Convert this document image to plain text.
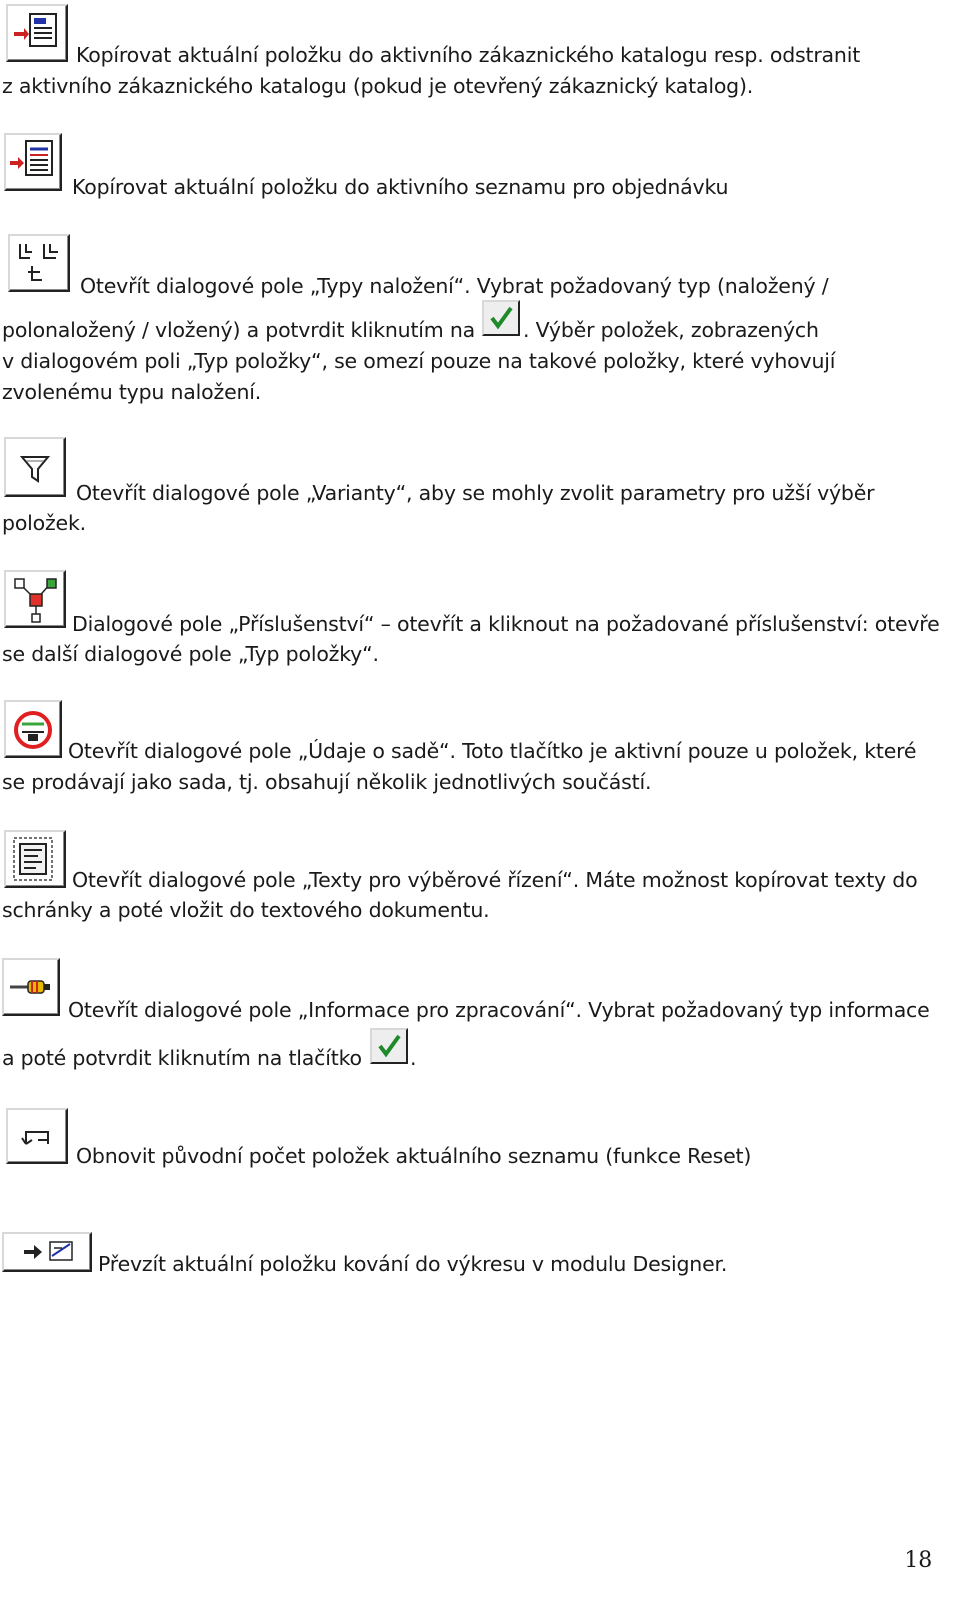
Kopírovat aktuální položku do aktivního zákaznického katalogu resp. odstranit
z aktivního zákaznického katalogu (pokud je otevřený zákaznický katalog).
Kopírovat aktuální položku do aktivního seznamu pro objednávku
Otevřít dialogové pole „Typy naložení“. Vybrat požadovaný typ (naložený /
polonaložený / vložený) a potvrdit kliknutím na . Výběr položek, zobrazených
v dialogovém poli „Typ položky“, se omezí pouze na takové položky, které vyhovují
zvolenému typu naložení.
Otevřít dialogové pole „Varianty“, aby se mohly zvolit parametry pro užší výběr
položek.
Dialogové pole „Příslušenství“ – otevřít a kliknout na požadované příslušenství: otevře
se další dialogové pole „Typ položky“.
Otevřít dialogové pole „Údaje o sadě“. Toto tlačítko je aktivní pouze u položek, které
se prodávají jako sada, tj. obsahují několik jednotlivých součástí.
Otevřít dialogové pole „Texty pro výběrové řízení“. Máte možnost kopírovat texty do
schránky a poté vložit do textového dokumentu.
Otevřít dialogové pole „Informace pro zpracování“. Vybrat požadovaný typ informace
a poté potvrdit kliknutím na tlačítko .
Obnovit původní počet položek aktuálního seznamu (funkce Reset)
Převzít aktuální položku kování do výkresu v modulu Designer.
18
